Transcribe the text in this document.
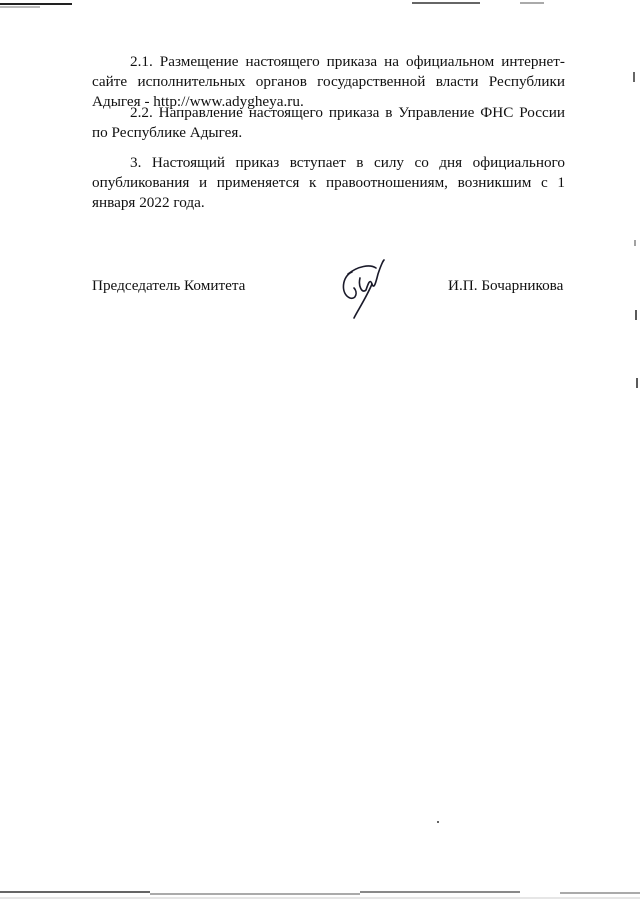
2.1. Размещение настоящего приказа на официальном интернет-сайте исполнительных органов государственной власти Республики Адыгея - http://www.adygheya.ru.

2.2. Направление настоящего приказа в Управление ФНС России по Республике Адыгея.

3. Настоящий приказ вступает в силу со дня официального опубликования и применяется к правоотношениям, возникшим с 1 января 2022 года.

Председатель Комитета	И.П. Бочарникова
